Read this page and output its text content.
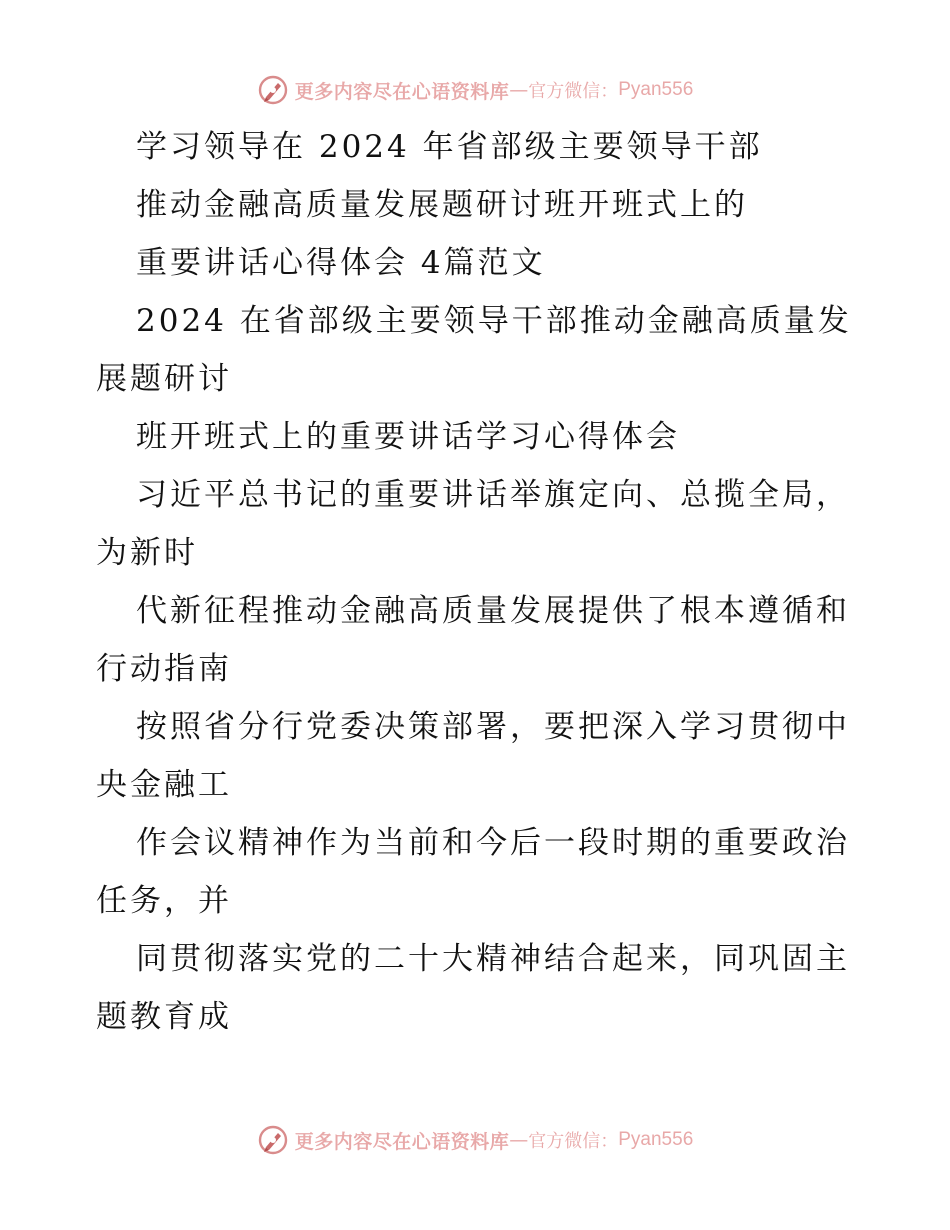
更多内容尽在心语资料库 — 官方微信： Pyan556
学习领导在 2024 年省部级主要领导干部
推动金融高质量发展题研讨班开班式上的
重要讲话心得体会 4篇范文
2024 在省部级主要领导干部推动金融高质量发
展题研讨
班开班式上的重要讲话学习心得体会
习近平总书记的重要讲话举旗定向、总揽全局，
为新时
代新征程推动金融高质量发展提供了根本遵循和
行动指南
按照省分行党委决策部署，要把深入学习贯彻中
央金融工
作会议精神作为当前和今后一段时期的重要政治
任务，并
同贯彻落实党的二十大精神结合起来，同巩固主
题教育成
更多内容尽在心语资料库 — 官方微信： Pyan556
